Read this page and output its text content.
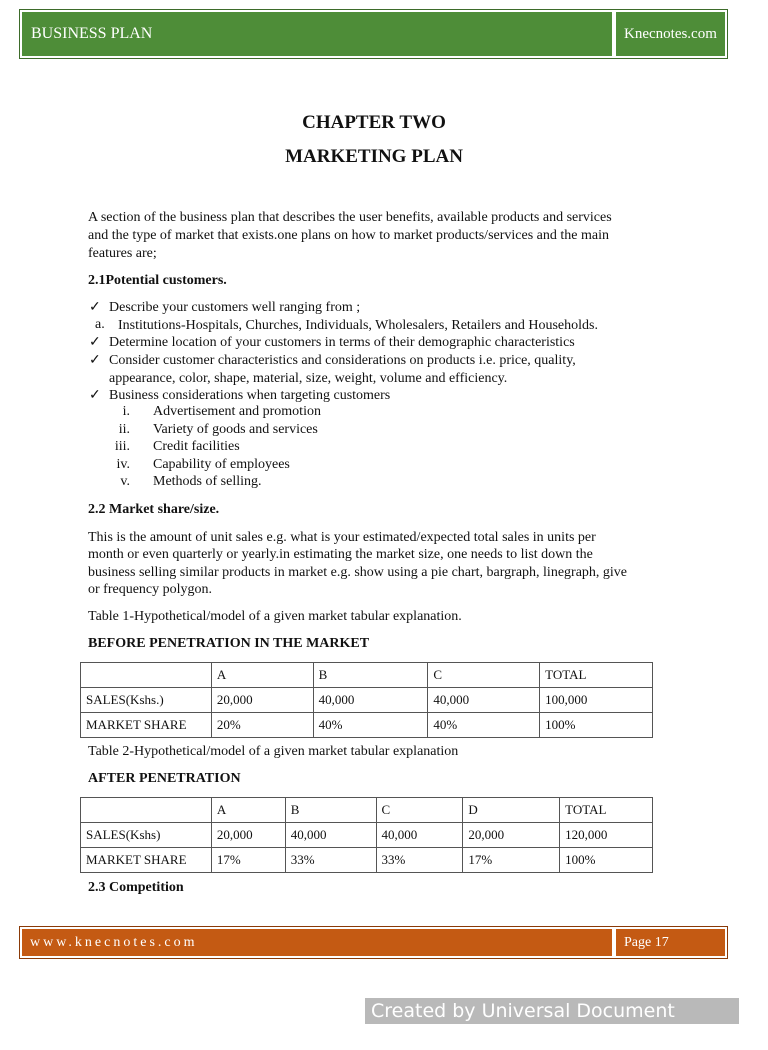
BUSINESS PLAN	Knecnotes.com
CHAPTER TWO
MARKETING PLAN
A section of the business plan that describes the user benefits, available products and services
and the type of market that exists.one plans on how to market products/services and the main
features are;
2.1Potential customers.
✓ Describe your customers well ranging from ;
a. Institutions-Hospitals, Churches, Individuals, Wholesalers, Retailers and Households.
✓ Determine location of your customers in terms of their demographic characteristics
✓ Consider customer characteristics and considerations on products i.e. price, quality,
appearance, color, shape, material, size, weight, volume and efficiency.
✓ Business considerations when targeting customers
i. Advertisement and promotion
ii. Variety of goods and services
iii. Credit facilities
iv. Capability of employees
v. Methods of selling.
2.2 Market share/size.
This is the amount of unit sales e.g. what is your estimated/expected total sales in units per
month or even quarterly or yearly.in estimating the market size, one needs to list down the
business selling similar products in market e.g. show using a pie chart, bargraph, linegraph, give
or frequency polygon.
Table 1-Hypothetical/model of a given market tabular explanation.
BEFORE PENETRATION IN THE MARKET
	A	B	C	TOTAL
SALES(Kshs.)	20,000	40,000	40,000	100,000
MARKET SHARE	20%	40%	40%	100%
Table 2-Hypothetical/model of a given market tabular explanation
AFTER PENETRATION
	A	B	C	D	TOTAL
SALES(Kshs)	20,000	40,000	40,000	20,000	120,000
MARKET SHARE	17%	33%	33%	17%	100%
2.3 Competition
www.knecnotes.com	Page 17
Created by Universal Document Converter
